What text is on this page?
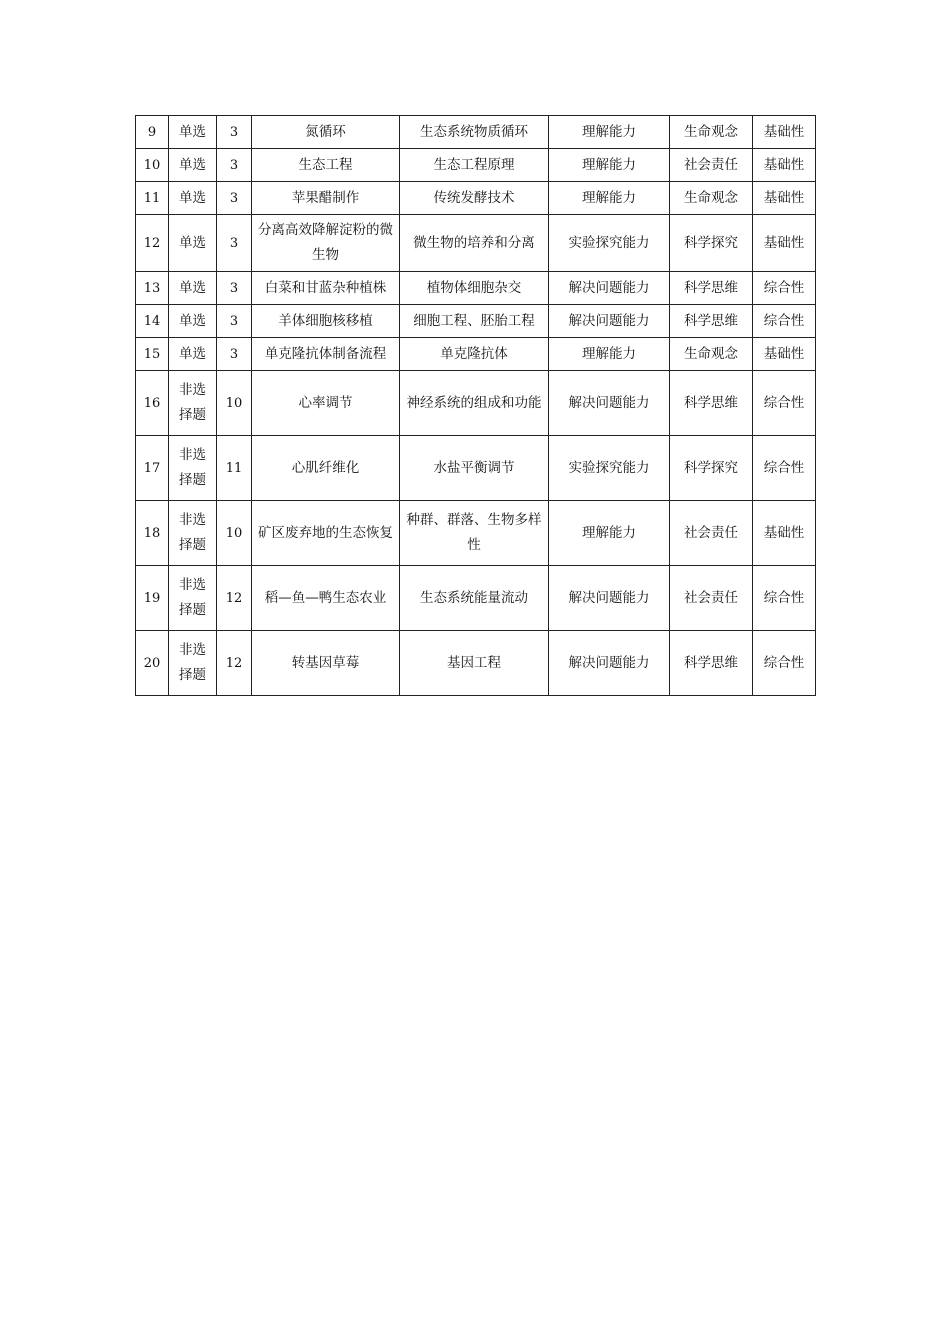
9	单选	3	氮循环	生态系统物质循环	理解能力	生命观念	基础性
10	单选	3	生态工程	生态工程原理	理解能力	社会责任	基础性
11	单选	3	苹果醋制作	传统发酵技术	理解能力	生命观念	基础性
12	单选	3	分离高效降解淀粉的微生物	微生物的培养和分离	实验探究能力	科学探究	基础性
13	单选	3	白菜和甘蓝杂种植株	植物体细胞杂交	解决问题能力	科学思维	综合性
14	单选	3	羊体细胞核移植	细胞工程、胚胎工程	解决问题能力	科学思维	综合性
15	单选	3	单克隆抗体制备流程	单克隆抗体	理解能力	生命观念	基础性
16	非选择题	10	心率调节	神经系统的组成和功能	解决问题能力	科学思维	综合性
17	非选择题	11	心肌纤维化	水盐平衡调节	实验探究能力	科学探究	综合性
18	非选择题	10	矿区废弃地的生态恢复	种群、群落、生物多样性	理解能力	社会责任	基础性
19	非选择题	12	稻—鱼—鸭生态农业	生态系统能量流动	解决问题能力	社会责任	综合性
20	非选择题	12	转基因草莓	基因工程	解决问题能力	科学思维	综合性
